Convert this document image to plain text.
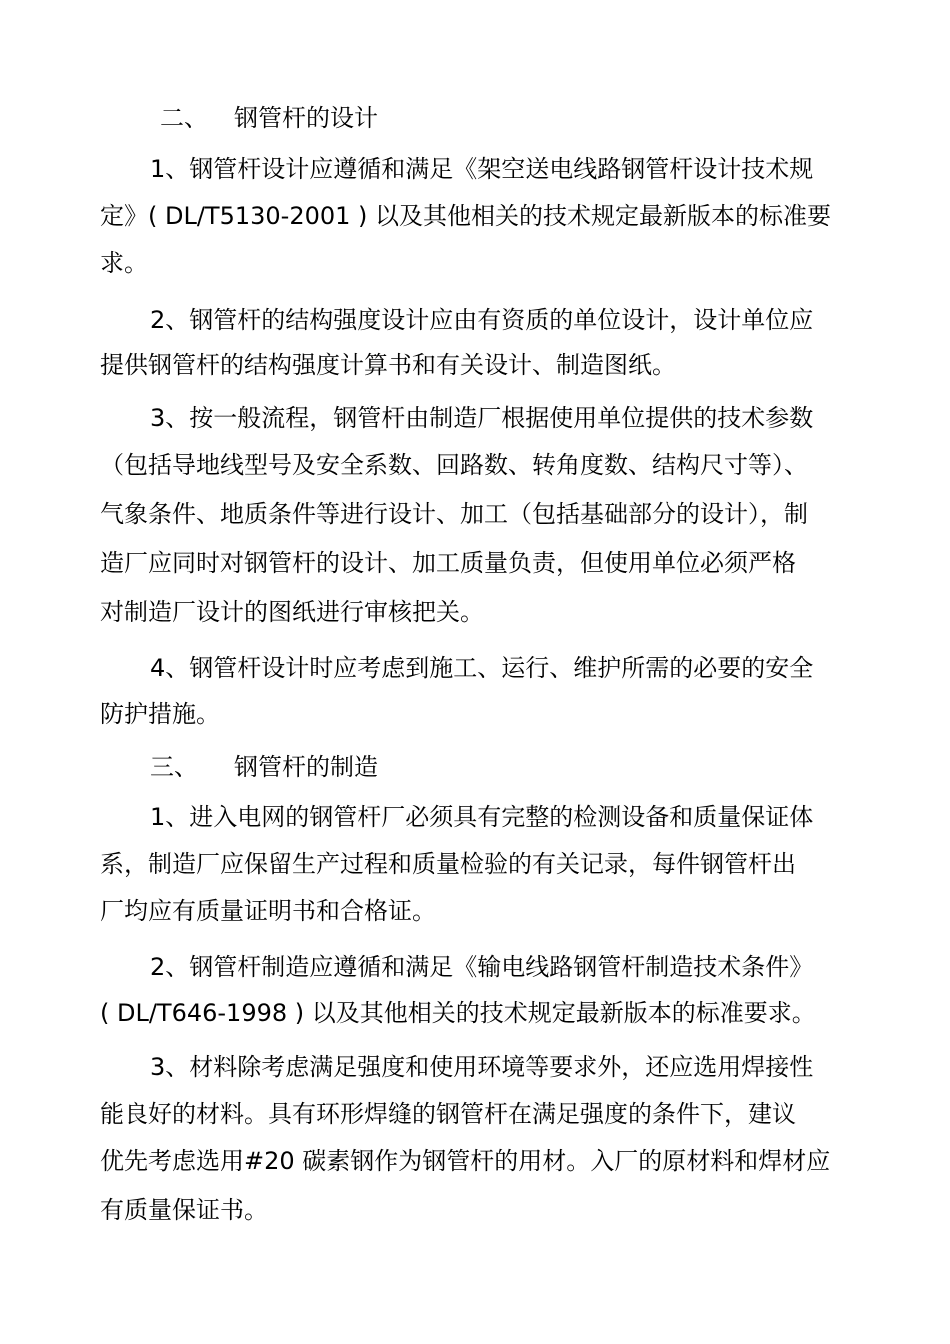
二、 钢管杆的设计
1、钢管杆设计应遵循和满足《架空送电线路钢管杆设计技术规
定》( DL/T5130-2001 ) 以及其他相关的技术规定最新版本的标准要
求。
2、钢管杆的结构强度设计应由有资质的单位设计，设计单位应
提供钢管杆的结构强度计算书和有关设计、制造图纸。
3、按一般流程，钢管杆由制造厂根据使用单位提供的技术参数
（包括导地线型号及安全系数、回路数、转角度数、结构尺寸等）、
气象条件、地质条件等进行设计、加工（包括基础部分的设计），制
造厂应同时对钢管杆的设计、加工质量负责，但使用单位必须严格
对制造厂设计的图纸进行审核把关。
4、钢管杆设计时应考虑到施工、运行、维护所需的必要的安全
防护措施。
三、 钢管杆的制造
1、进入电网的钢管杆厂必须具有完整的检测设备和质量保证体
系，制造厂应保留生产过程和质量检验的有关记录，每件钢管杆出
厂均应有质量证明书和合格证。
2、钢管杆制造应遵循和满足《输电线路钢管杆制造技术条件》
( DL/T646-1998 ) 以及其他相关的技术规定最新版本的标准要求。
3、材料除考虑满足强度和使用环境等要求外，还应选用焊接性
能良好的材料。具有环形焊缝的钢管杆在满足强度的条件下，建议
优先考虑选用#20 碳素钢作为钢管杆的用材。入厂的原材料和焊材应
有质量保证书。
